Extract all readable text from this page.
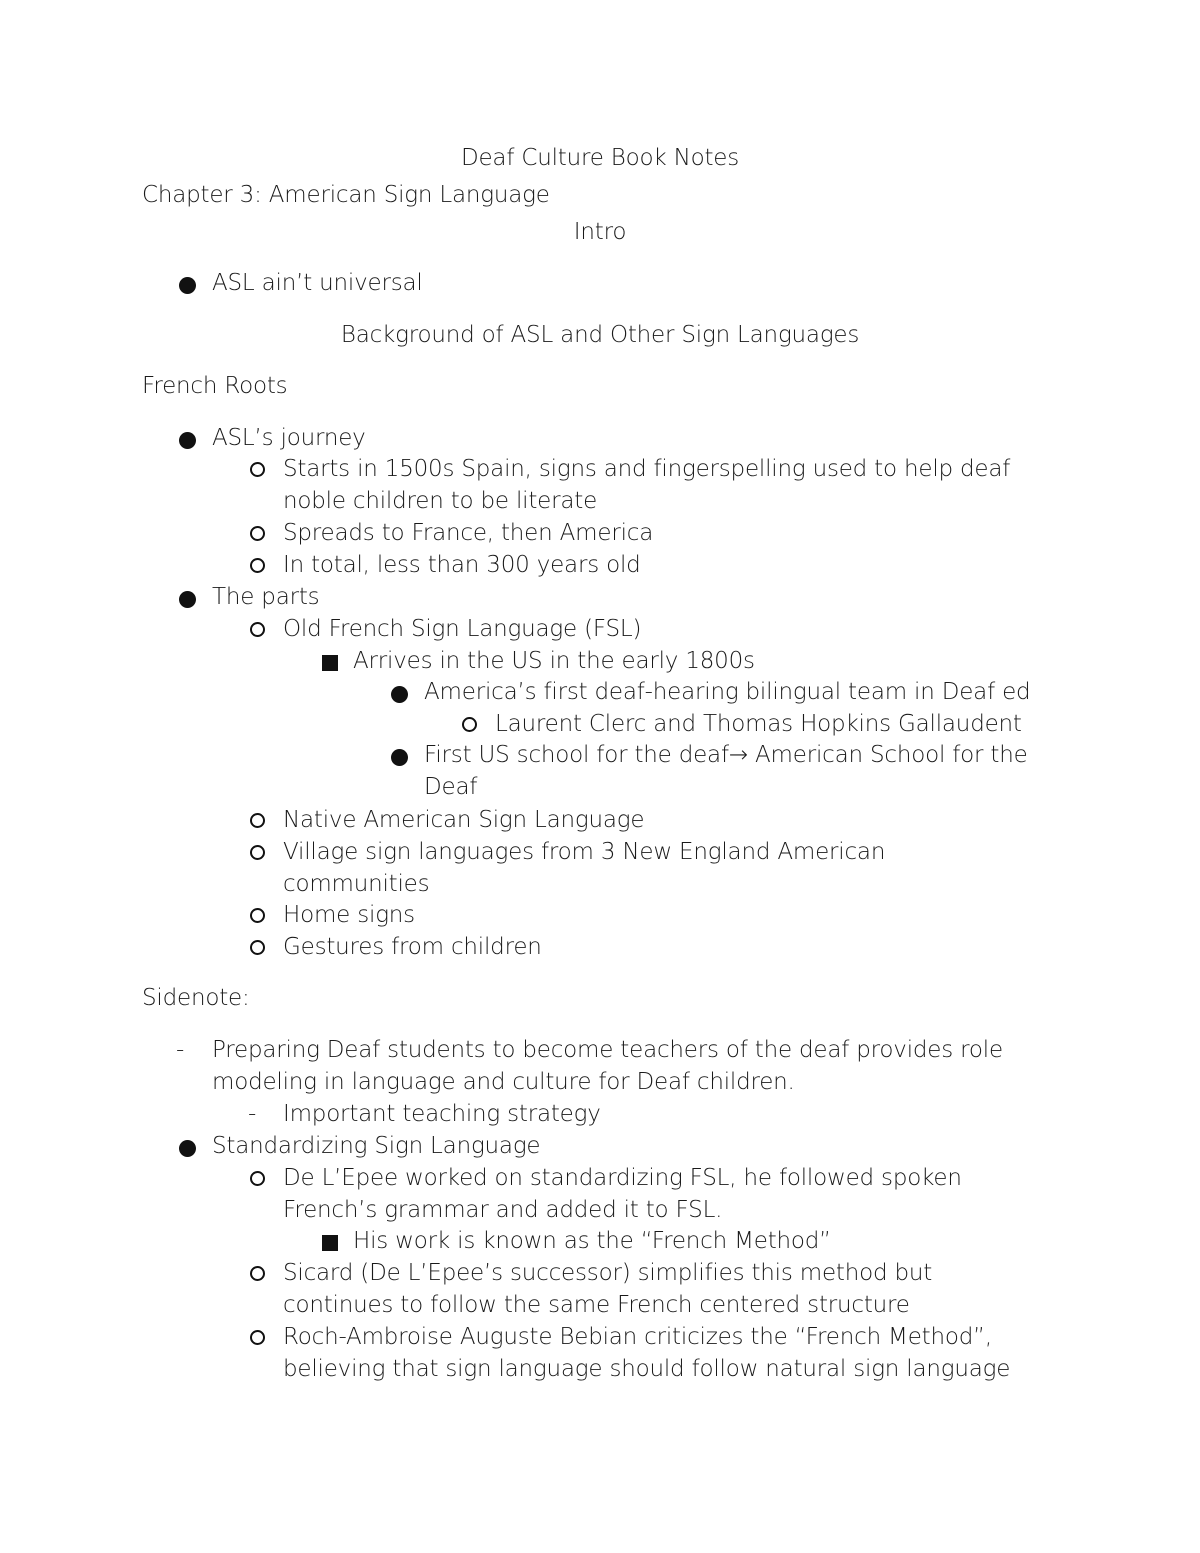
Deaf Culture Book Notes
Chapter 3: American Sign Language
Intro
ASL ain’t universal
Background of ASL and Other Sign Languages
French Roots
ASL’s journey
Starts in 1500s Spain, signs and fingerspelling used to help deaf
noble children to be literate
Spreads to France, then America
In total, less than 300 years old
The parts
Old French Sign Language (FSL)
Arrives in the US in the early 1800s
America’s first deaf-hearing bilingual team in Deaf ed
Laurent Clerc and Thomas Hopkins Gallaudent
First US school for the deaf→ American School for the
Deaf
Native American Sign Language
Village sign languages from 3 New England American
communities
Home signs
Gestures from children
Sidenote:
- Preparing Deaf students to become teachers of the deaf provides role
modeling in language and culture for Deaf children.
- Important teaching strategy
Standardizing Sign Language
De L’Epee worked on standardizing FSL, he followed spoken
French’s grammar and added it to FSL.
His work is known as the “French Method”
Sicard (De L’Epee’s successor) simplifies this method but
continues to follow the same French centered structure
Roch-Ambroise Auguste Bebian criticizes the “French Method”,
believing that sign language should follow natural sign language
